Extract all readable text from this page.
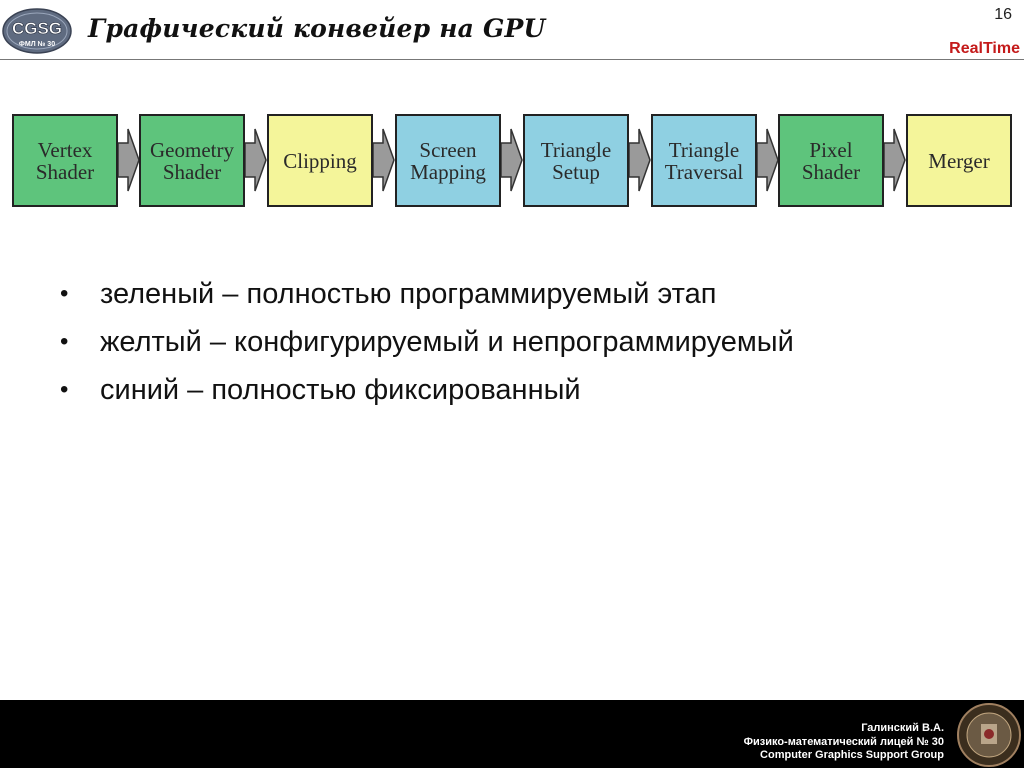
CGSG
ФМЛ № 30
Графический конвейер на GPU	16
RealTime
Vertex
Shader
Geometry
Shader	Clipping	Screen
Mapping
Triangle
Setup
Triangle
Traversal
Pixel
Shader	Merger
• зеленый – полностью программируемый этап
• желтый – конфигурируемый и непрограммируемый
• синий – полностью фиксированный
Галинский В.А.
Физико-математический лицей № 30
Computer Graphics Support Group
